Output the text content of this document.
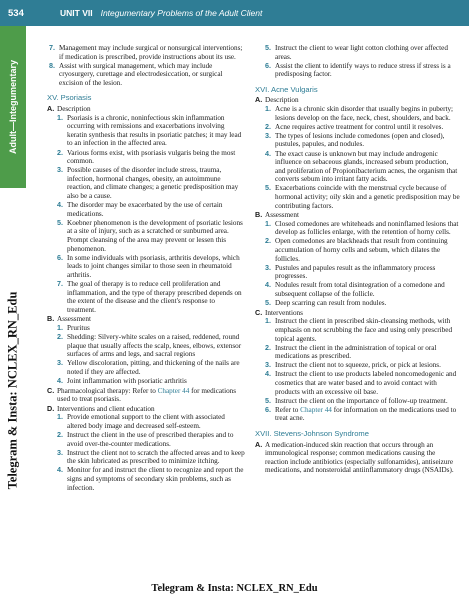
534	UNIT VII Integumentary Problems of the Adult Client
Adult—Integumentary
Telegram & Insta: NCLEX_RN_Edu
7. Management may include surgical or nonsurgical interventions; if medication is prescribed, provide instructions about its use.
8. Assist with surgical management, which may include cryosurgery, curettage and electrodesiccation, or surgical excision of the lesion.
XV. Psoriasis
A. Description
1. Psoriasis is a chronic, noninfectious skin inflammation occurring with remissions and exacerbations involving keratin synthesis that results in psoriatic patches; it may lead to an infection in the affected area.
2. Various forms exist, with psoriasis vulgaris being the most common.
3. Possible causes of the disorder include stress, trauma, infection, hormonal changes, obesity, an autoimmune reaction, and climate changes; a genetic predisposition may also be a cause.
4. The disorder may be exacerbated by the use of certain medications.
5. Koebner phenomenon is the development of psoriatic lesions at a site of injury, such as a scratched or sunburned area. Prompt cleansing of the area may prevent or lessen this phenomenon.
6. In some individuals with psoriasis, arthritis develops, which leads to joint changes similar to those seen in rheumatoid arthritis.
7. The goal of therapy is to reduce cell proliferation and inflammation, and the type of therapy prescribed depends on the extent of the disease and the client's response to treatment.
B. Assessment
1. Pruritus
2. Shedding: Silvery-white scales on a raised, reddened, round plaque that usually affects the scalp, knees, elbows, extensor surfaces of arms and legs, and sacral regions
3. Yellow discoloration, pitting, and thickening of the nails are noted if they are affected.
4. Joint inflammation with psoriatic arthritis
C. Pharmacological therapy: Refer to Chapter 44 for medications used to treat psoriasis.
D. Interventions and client education
1. Provide emotional support to the client with associated altered body image and decreased self-esteem.
2. Instruct the client in the use of prescribed therapies and to avoid over-the-counter medications.
3. Instruct the client not to scratch the affected areas and to keep the skin lubricated as prescribed to minimize itching.
4. Monitor for and instruct the client to recognize and report the signs and symptoms of secondary skin problems, such as infection.
5. Instruct the client to wear light cotton clothing over affected areas.
6. Assist the client to identify ways to reduce stress if stress is a predisposing factor.
XVI. Acne Vulgaris
A. Description
1. Acne is a chronic skin disorder that usually begins in puberty; lesions develop on the face, neck, chest, shoulders, and back.
2. Acne requires active treatment for control until it resolves.
3. The types of lesions include comedones (open and closed), pustules, papules, and nodules.
4. The exact cause is unknown but may include androgenic influence on sebaceous glands, increased sebum production, and proliferation of Propionibacterium acnes, the organism that converts sebum into irritant fatty acids.
5. Exacerbations coincide with the menstrual cycle because of hormonal activity; oily skin and a genetic predisposition may be contributing factors.
B. Assessment
1. Closed comedones are whiteheads and noninflamed lesions that develop as follicles enlarge, with the retention of horny cells.
2. Open comedones are blackheads that result from continuing accumulation of horny cells and sebum, which dilates the follicles.
3. Pustules and papules result as the inflammatory process progresses.
4. Nodules result from total disintegration of a comedone and subsequent collapse of the follicle.
5. Deep scarring can result from nodules.
C. Interventions
1. Instruct the client in prescribed skin-cleansing methods, with emphasis on not scrubbing the face and using only prescribed topical agents.
2. Instruct the client in the administration of topical or oral medications as prescribed.
3. Instruct the client not to squeeze, prick, or pick at lesions.
4. Instruct the client to use products labeled noncomedogenic and cosmetics that are water based and to avoid contact with products with an excessive oil base.
5. Instruct the client on the importance of follow-up treatment.
6. Refer to Chapter 44 for information on the medications used to treat acne.
XVII. Stevens-Johnson Syndrome
A. A medication-induced skin reaction that occurs through an immunological response; common medications causing the reaction include antibiotics (especially sulfonamides), antiseizure medications, and nonsteroidal antiinflammatory drugs (NSAIDs).
Telegram & Insta: NCLEX_RN_Edu
